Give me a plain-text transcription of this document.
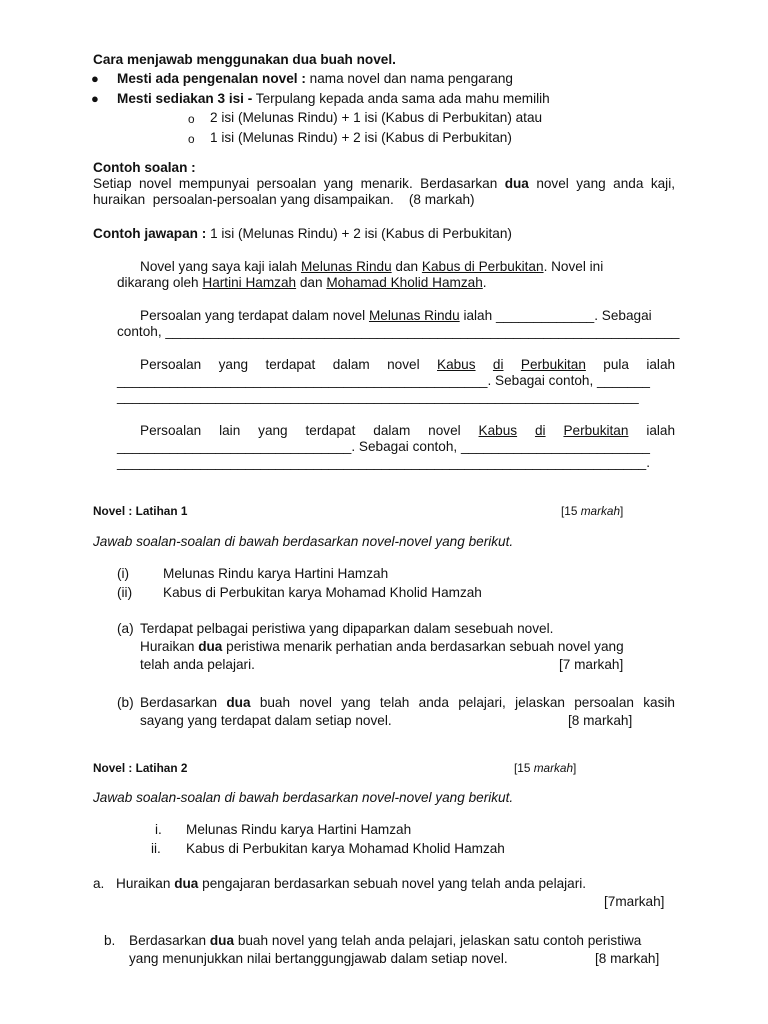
Cara menjawab menggunakan dua buah novel.
● Mesti ada pengenalan novel : nama novel dan nama pengarang
● Mesti sediakan 3 isi - Terpulang kepada anda sama ada mahu memilih
o 2 isi (Melunas Rindu) + 1 isi (Kabus di Perbukitan) atau
o 1 isi (Melunas Rindu) + 2 isi (Kabus di Perbukitan)
Contoh soalan :
Setiap novel mempunyai persoalan yang menarik. Berdasarkan dua novel yang anda kaji,
huraikan  persoalan-persoalan yang disampaikan.    (8 markah)
Contoh jawapan : 1 isi (Melunas Rindu) + 2 isi (Kabus di Perbukitan)
Novel yang saya kaji ialah Melunas Rindu dan Kabus di Perbukitan. Novel ini
dikarang oleh Hartini Hamzah dan Mohamad Kholid Hamzah.
Persoalan yang terdapat dalam novel Melunas Rindu ialah _____________. Sebagai
contoh, ____________________________________________________________________
Persoalan yang terdapat dalam novel Kabus di Perbukitan pula ialah
_________________________________________________. Sebagai contoh, _______
_____________________________________________________________________
Persoalan lain yang terdapat dalam novel Kabus di Perbukitan ialah
_______________________________. Sebagai contoh, _________________________
______________________________________________________________________.
Novel : Latihan 1	[15 markah]
Jawab soalan-soalan di bawah berdasarkan novel-novel yang berikut.
(i) Melunas Rindu karya Hartini Hamzah
(ii) Kabus di Perbukitan karya Mohamad Kholid Hamzah
(a) Terdapat pelbagai peristiwa yang dipaparkan dalam sesebuah novel.
Huraikan dua peristiwa menarik perhatian anda berdasarkan sebuah novel yang
telah anda pelajari.	[7 markah]
(b) Berdasarkan dua buah novel yang telah anda pelajari, jelaskan persoalan kasih
sayang yang terdapat dalam setiap novel.	[8 markah]
Novel : Latihan 2	[15 markah]
Jawab soalan-soalan di bawah berdasarkan novel-novel yang berikut.
i. Melunas Rindu karya Hartini Hamzah
ii. Kabus di Perbukitan karya Mohamad Kholid Hamzah
a. Huraikan dua pengajaran berdasarkan sebuah novel yang telah anda pelajari.
[7markah]
b. Berdasarkan dua buah novel yang telah anda pelajari, jelaskan satu contoh peristiwa
yang menunjukkan nilai bertanggungjawab dalam setiap novel.	[8 markah]
